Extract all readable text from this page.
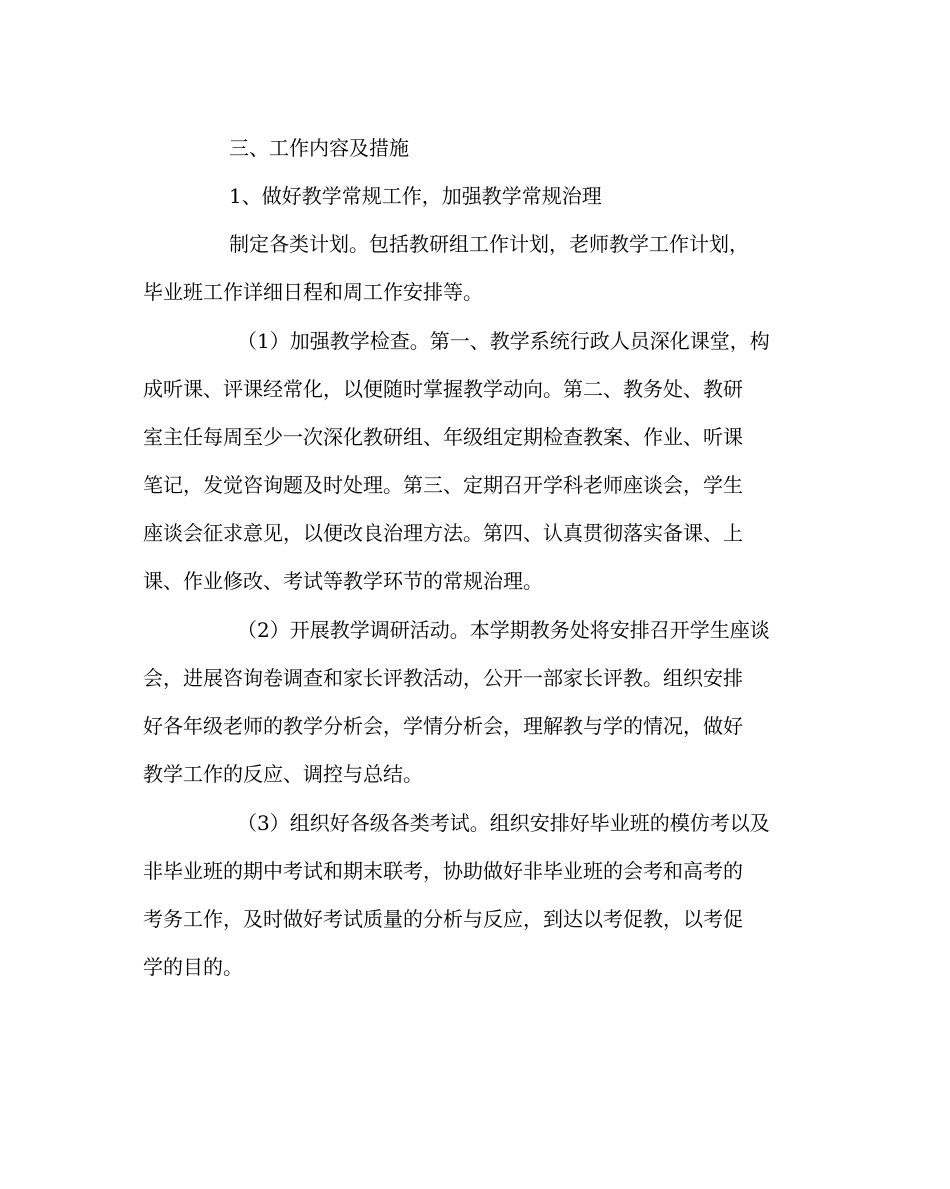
三、工作内容及措施
1、做好教学常规工作，加强教学常规治理
制定各类计划。包括教研组工作计划，老师教学工作计划，
毕业班工作详细日程和周工作安排等。
（1）加强教学检查。第一、教学系统行政人员深化课堂，构
成听课、评课经常化，以便随时掌握教学动向。第二、教务处、教研
室主任每周至少一次深化教研组、年级组定期检查教案、作业、听课
笔记，发觉咨询题及时处理。第三、定期召开学科老师座谈会，学生
座谈会征求意见，以便改良治理方法。第四、认真贯彻落实备课、上
课、作业修改、考试等教学环节的常规治理。
（2）开展教学调研活动。本学期教务处将安排召开学生座谈
会，进展咨询卷调查和家长评教活动，公开一部家长评教。组织安排
好各年级老师的教学分析会，学情分析会，理解教与学的情况，做好
教学工作的反应、调控与总结。
（3）组织好各级各类考试。组织安排好毕业班的模仿考以及
非毕业班的期中考试和期末联考，协助做好非毕业班的会考和高考的
考务工作，及时做好考试质量的分析与反应，到达以考促教，以考促
学的目的。
